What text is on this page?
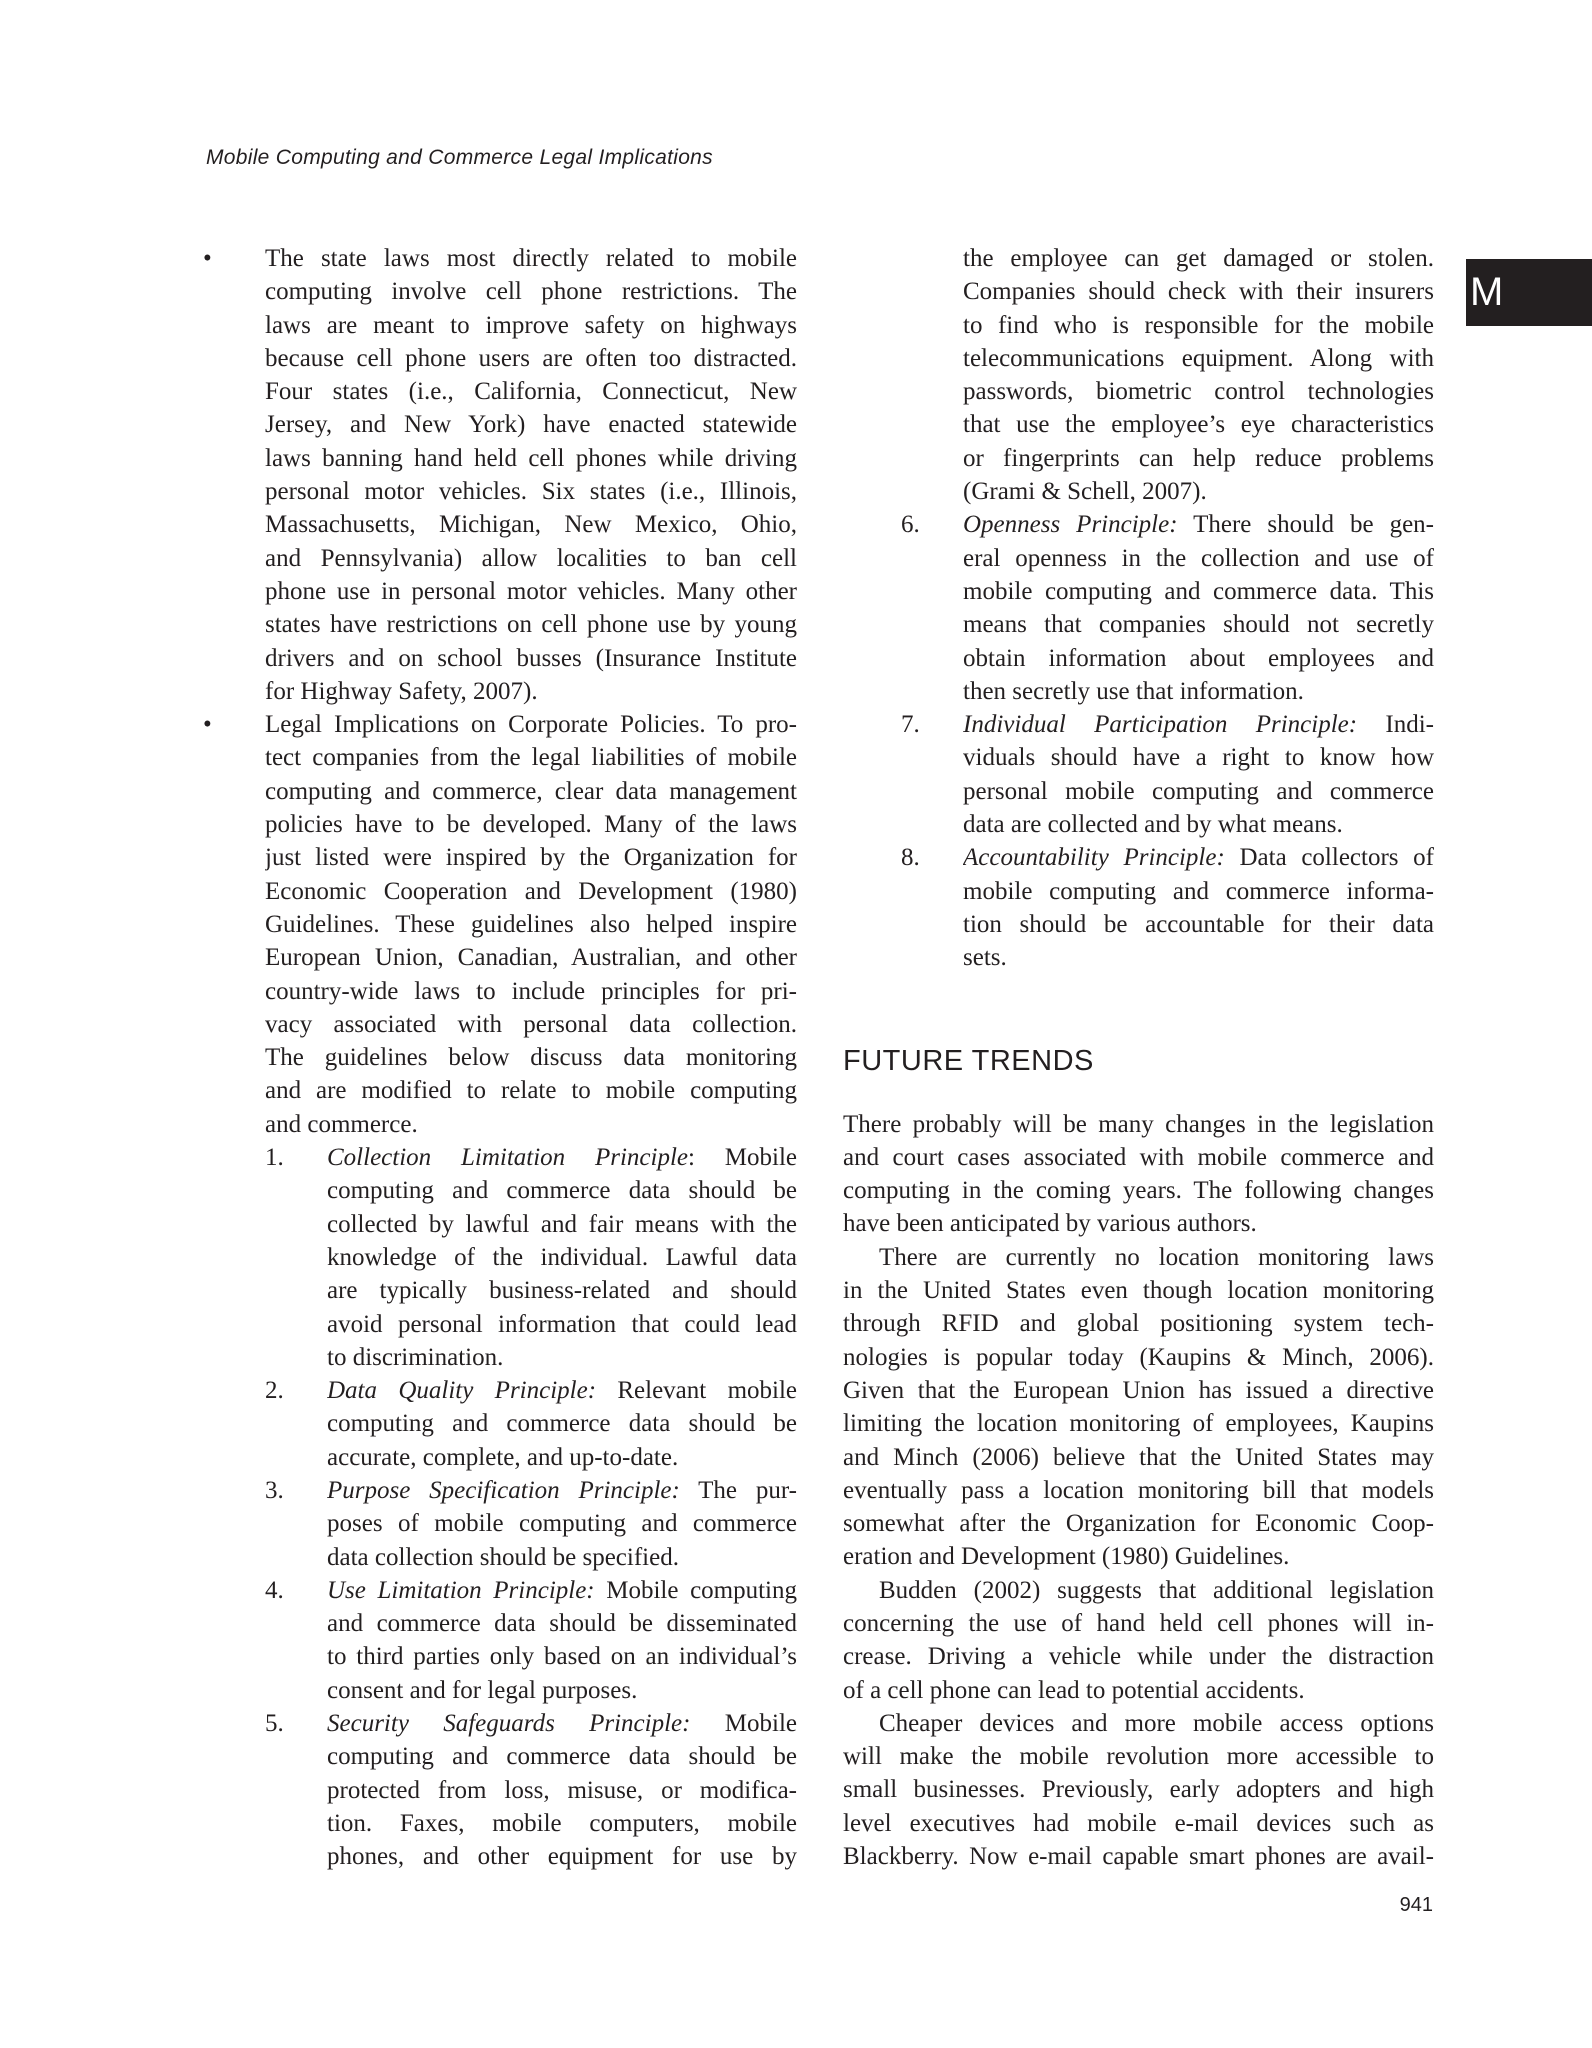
Mobile Computing and Commerce Legal Implications
M
• The state laws most directly related to mobile
computing involve cell phone restrictions. The
laws are meant to improve safety on highways
because cell phone users are often too distracted.
Four states (i.e., California, Connecticut, New
Jersey, and New York) have enacted statewide
laws banning hand held cell phones while driving
personal motor vehicles. Six states (i.e., Illinois,
Massachusetts, Michigan, New Mexico, Ohio,
and Pennsylvania) allow localities to ban cell
phone use in personal motor vehicles. Many other
states have restrictions on cell phone use by young
drivers and on school busses (Insurance Institute
for Highway Safety, 2007).
• Legal Implications on Corporate Policies. To pro-
tect companies from the legal liabilities of mobile
computing and commerce, clear data management
policies have to be developed. Many of the laws
just listed were inspired by the Organization for
Economic Cooperation and Development (1980)
Guidelines. These guidelines also helped inspire
European Union, Canadian, Australian, and other
country-wide laws to include principles for pri-
vacy associated with personal data collection.
The guidelines below discuss data monitoring
and are modified to relate to mobile computing
and commerce.
1. Collection Limitation Principle: Mobile
computing and commerce data should be
collected by lawful and fair means with the
knowledge of the individual. Lawful data
are typically business-related and should
avoid personal information that could lead
to discrimination.
2. Data Quality Principle: Relevant mobile
computing and commerce data should be
accurate, complete, and up-to-date.
3. Purpose Specification Principle: The pur-
poses of mobile computing and commerce
data collection should be specified.
4. Use Limitation Principle: Mobile computing
and commerce data should be disseminated
to third parties only based on an individual’s
consent and for legal purposes.
5. Security Safeguards Principle: Mobile
computing and commerce data should be
protected from loss, misuse, or modifica-
tion. Faxes, mobile computers, mobile
phones, and other equipment for use by
the employee can get damaged or stolen.
Companies should check with their insurers
to find who is responsible for the mobile
telecommunications equipment. Along with
passwords, biometric control technologies
that use the employee’s eye characteristics
or fingerprints can help reduce problems
(Grami & Schell, 2007).
6. Openness Principle: There should be gen-
eral openness in the collection and use of
mobile computing and commerce data. This
means that companies should not secretly
obtain information about employees and
then secretly use that information.
7. Individual Participation Principle: Indi-
viduals should have a right to know how
personal mobile computing and commerce
data are collected and by what means.
8. Accountability Principle: Data collectors of
mobile computing and commerce informa-
tion should be accountable for their data
sets.
FUTURE TRENDS
There probably will be many changes in the legislation
and court cases associated with mobile commerce and
computing in the coming years. The following changes
have been anticipated by various authors.
There are currently no location monitoring laws
in the United States even though location monitoring
through RFID and global positioning system tech-
nologies is popular today (Kaupins & Minch, 2006).
Given that the European Union has issued a directive
limiting the location monitoring of employees, Kaupins
and Minch (2006) believe that the United States may
eventually pass a location monitoring bill that models
somewhat after the Organization for Economic Coop-
eration and Development (1980) Guidelines.
Budden (2002) suggests that additional legislation
concerning the use of hand held cell phones will in-
crease. Driving a vehicle while under the distraction
of a cell phone can lead to potential accidents.
Cheaper devices and more mobile access options
will make the mobile revolution more accessible to
small businesses. Previously, early adopters and high
level executives had mobile e-mail devices such as
Blackberry. Now e-mail capable smart phones are avail-
941
